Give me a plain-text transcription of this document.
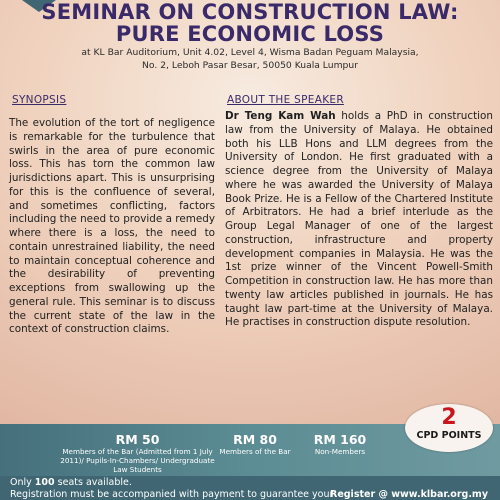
SEMINAR ON CONSTRUCTION LAW:
PURE ECONOMIC LOSS
at KL Bar Auditorium, Unit 4.02, Level 4, Wisma Badan Peguam Malaysia,
No. 2, Leboh Pasar Besar, 50050 Kuala Lumpur
SYNOPSIS	ABOUT THE SPEAKER
The evolution of the tort of negligence is remarkable for the turbulence that swirls in the area of pure economic loss. This has torn the common law jurisdictions apart. This is unsurprising for this is the confluence of several, and sometimes conflicting, factors including the need to provide a remedy where there is a loss, the need to contain unrestrained liability, the need to maintain conceptual coherence and the desirability of preventing exceptions from swallowing up the general rule. This seminar is to discuss the current state of the law in the context of construction claims.
Dr Teng Kam Wah holds a PhD in construction law from the University of Malaya. He obtained both his LLB Hons and LLM degrees from the University of London. He first graduated with a science degree from the University of Malaya where he was awarded the University of Malaya Book Prize. He is a Fellow of the Chartered Institute of Arbitrators. He had a brief interlude as the Group Legal Manager of one of the largest construction, infrastructure and property development companies in Malaysia. He was the 1st prize winner of the Vincent Powell-Smith Competition in construction law. He has more than twenty law articles published in journals. He has taught law part-time at the University of Malaya. He practises in construction dispute resolution.
RM 50
Members of the Bar (Admitted from 1 July 2011)/ Pupils-In-Chambers/ Undergraduate Law Students
RM 80
Members of the Bar
RM 160
Non-Members
2
CPD POINTS
Only 100 seats available.
Registration must be accompanied with payment to guarantee your
Register @ www.klbar.org.my
